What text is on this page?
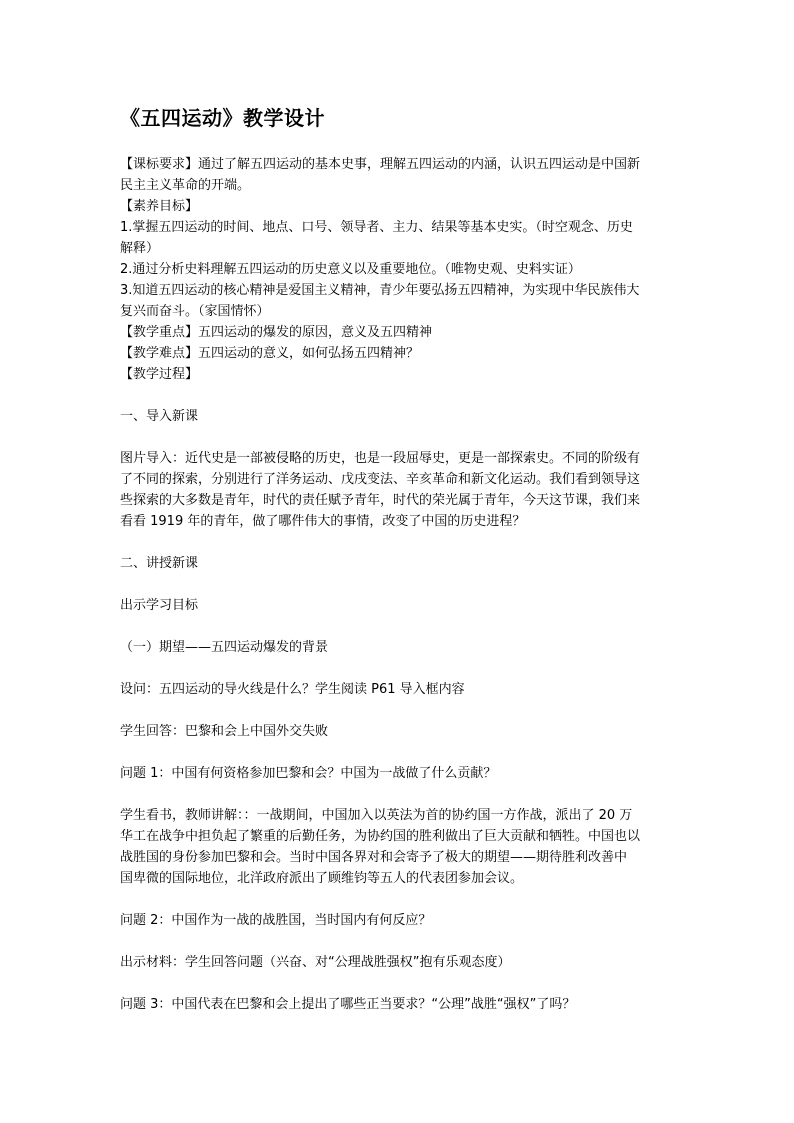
《五四运动》教学设计
【课标要求】通过了解五四运动的基本史事，理解五四运动的内涵，认识五四运动是中国新
民主主义革命的开端。
【素养目标】
1.掌握五四运动的时间、地点、口号、领导者、主力、结果等基本史实。（时空观念、历史
解释）
2.通过分析史料理解五四运动的历史意义以及重要地位。（唯物史观、史料实证）
3.知道五四运动的核心精神是爱国主义精神，青少年要弘扬五四精神，为实现中华民族伟大
复兴而奋斗。（家国情怀）
【教学重点】五四运动的爆发的原因，意义及五四精神
【教学难点】五四运动的意义，如何弘扬五四精神？
【教学过程】

一、导入新课

图片导入：近代史是一部被侵略的历史，也是一段屈辱史，更是一部探索史。不同的阶级有
了不同的探索，分别进行了洋务运动、戊戌变法、辛亥革命和新文化运动。我们看到领导这
些探索的大多数是青年，时代的责任赋予青年，时代的荣光属于青年，今天这节课，我们来
看看 1919 年的青年，做了哪件伟大的事情，改变了中国的历史进程？

二、讲授新课

出示学习目标

（一）期望——五四运动爆发的背景

设问：五四运动的导火线是什么？学生阅读 P61 导入框内容

学生回答：巴黎和会上中国外交失败

问题 1：中国有何资格参加巴黎和会？中国为一战做了什么贡献？

学生看书，教师讲解：：一战期间，中国加入以英法为首的协约国一方作战，派出了 20 万
华工在战争中担负起了繁重的后勤任务，为协约国的胜利做出了巨大贡献和牺牲。中国也以
战胜国的身份参加巴黎和会。当时中国各界对和会寄予了极大的期望——期待胜利改善中
国卑微的国际地位，北洋政府派出了顾维钧等五人的代表团参加会议。

问题 2：中国作为一战的战胜国，当时国内有何反应？

出示材料：学生回答问题（兴奋、对“公理战胜强权”抱有乐观态度）

问题 3：中国代表在巴黎和会上提出了哪些正当要求？“公理”战胜“强权”了吗？
